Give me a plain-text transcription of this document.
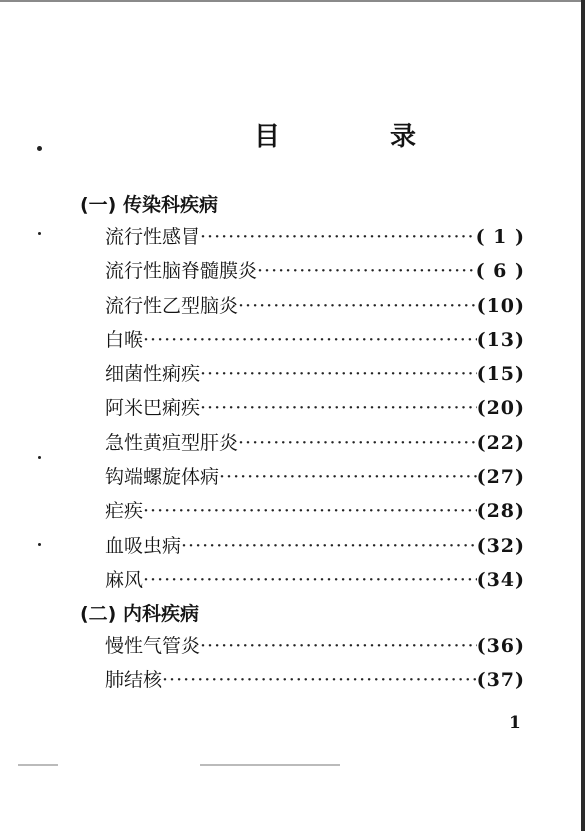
目　录
(一) 传染科疾病
流行性感冒 ·····	( 1 )
流行性脑脊髓膜炎 ·····	( 6 )
流行性乙型脑炎 ·····	(10)
白喉 ·····	(13)
细菌性痢疾 ·····	(15)
阿米巴痢疾 ·····	(20)
急性黄疸型肝炎 ·····	(22)
钩端螺旋体病 ·····	(27)
疟疾 ·····	(28)
血吸虫病 ·····	(32)
麻风 ·····	(34)
(二) 内科疾病
慢性气管炎 ·····	(36)
肺结核 ·····	(37)
1
